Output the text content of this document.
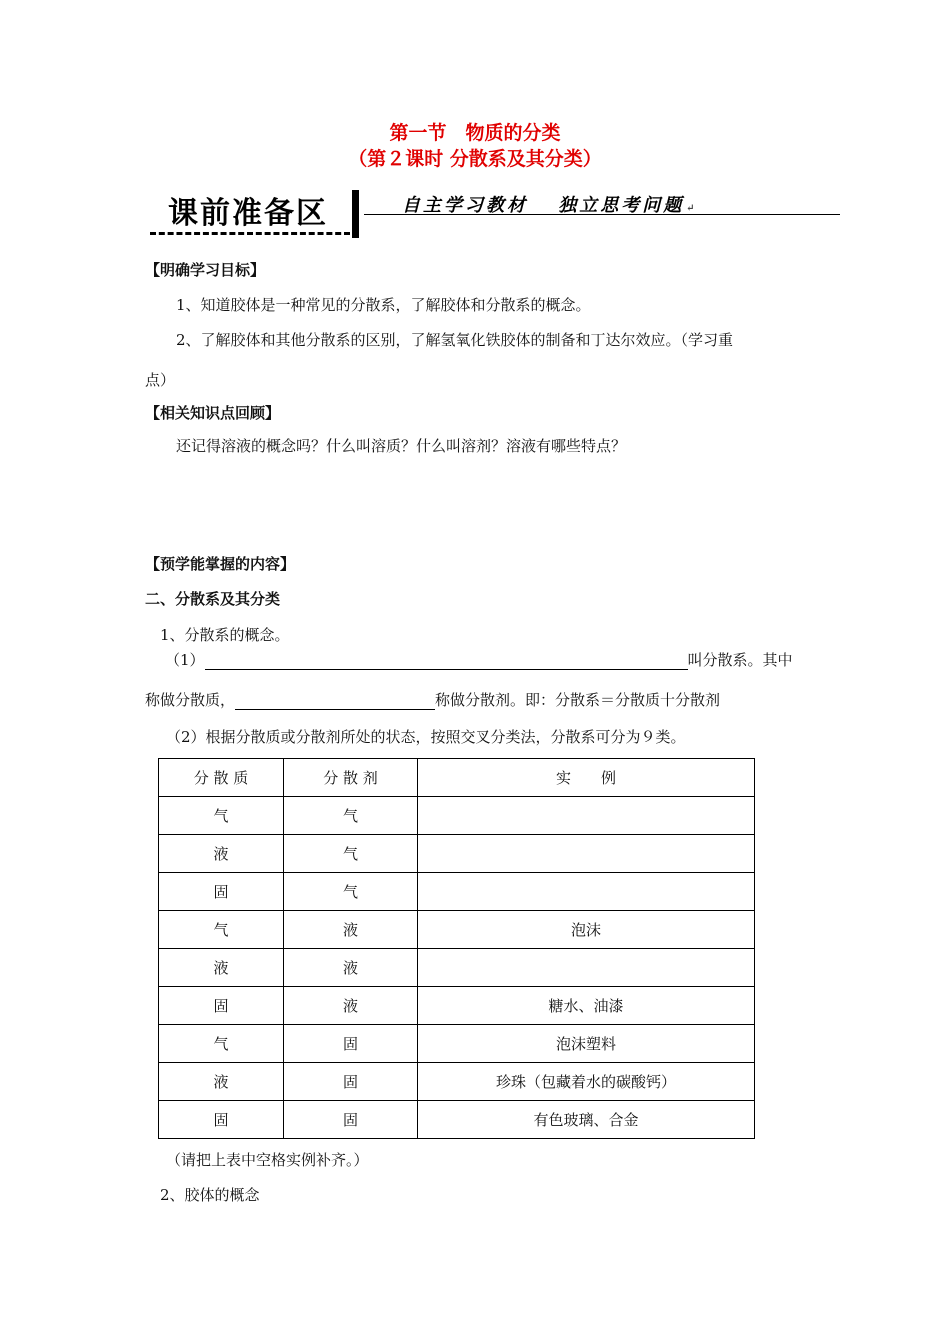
第一节　物质的分类
（第２课时 分散系及其分类）
课前准备区	自主学习教材　 独立思考问题 ↵
【明确学习目标】
1、知道胶体是一种常见的分散系，了解胶体和分散系的概念。
2、了解胶体和其他分散系的区别，了解氢氧化铁胶体的制备和丁达尔效应。（学习重
点）
【相关知识点回顾】
还记得溶液的概念吗？什么叫溶质？什么叫溶剂？溶液有哪些特点？
【预学能掌握的内容】
二、分散系及其分类
1、分散系的概念。
（1）	叫分散系。其中
称做分散质，	称做分散剂。即：分散系＝分散质十分散剂
（2）根据分散质或分散剂所处的状态，按照交叉分类法，分散系可分为９类。
分 散 质	分 散 剂	实　　例
气	气	
液	气	
固	气	
气	液	泡沫
液	液	
固	液	糖水、油漆
气	固	泡沫塑料
液	固	珍珠（包藏着水的碳酸钙）
固	固	有色玻璃、合金
（请把上表中空格实例补齐。）
2、胶体的概念
